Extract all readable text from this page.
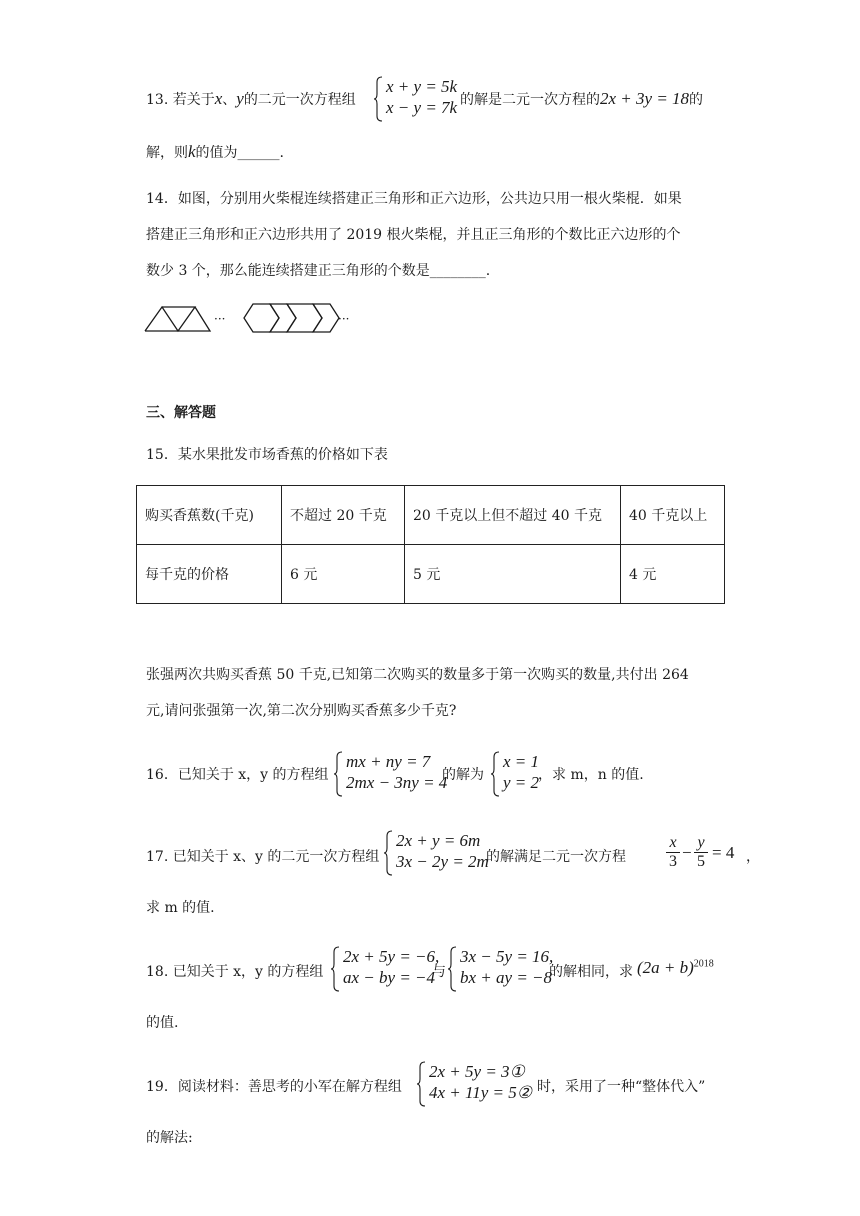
13. 若关于x、y的二元一次方程组
x + y = 5k
x − y = 7k 的解是二元一次方程的2x + 3y = 18的
解，则k的值为______.
14．如图，分别用火柴棍连续搭建正三角形和正六边形，公共边只用一根火柴棍．如果
搭建正三角形和正六边形共用了 2019 根火柴棍，并且正三角形的个数比正六边形的个
数少 3 个，那么能连续搭建正三角形的个数是________.
···	···
三、解答题
15．某水果批发市场香蕉的价格如下表
购买香蕉数(千克)	不超过 20 千克	20 千克以上但不超过 40 千克	40 千克以上
每千克的价格	6 元	5 元	4 元
张强两次共购买香蕉 50 千克,已知第二次购买的数量多于第一次购买的数量,共付出 264
元,请问张强第一次,第二次分别购买香蕉多少千克?
16．已知关于 x，y 的方程组
mx + ny = 7
2mx − 3ny = 4
的解为
x = 1
y = 2
，求 m，n 的值.
17. 已知关于 x、y 的二元一次方程组
2x + y = 6m
3x − 2y = 2m
的解满足二元一次方程	$\frac{x}{3} - \frac{y}{5} = 4$ ，
求 m 的值.
18. 已知关于 x，y 的方程组
2x + 5y = −6,
ax − by = −4
与
3x − 5y = 16,
bx + ay = −8
的解相同，求 $(2a + b)^{2018}$
的值.
19．阅读材料：善思考的小军在解方程组
2x + 5y = 3①
4x + 11y = 5② 时，采用了一种“整体代入”
的解法:
